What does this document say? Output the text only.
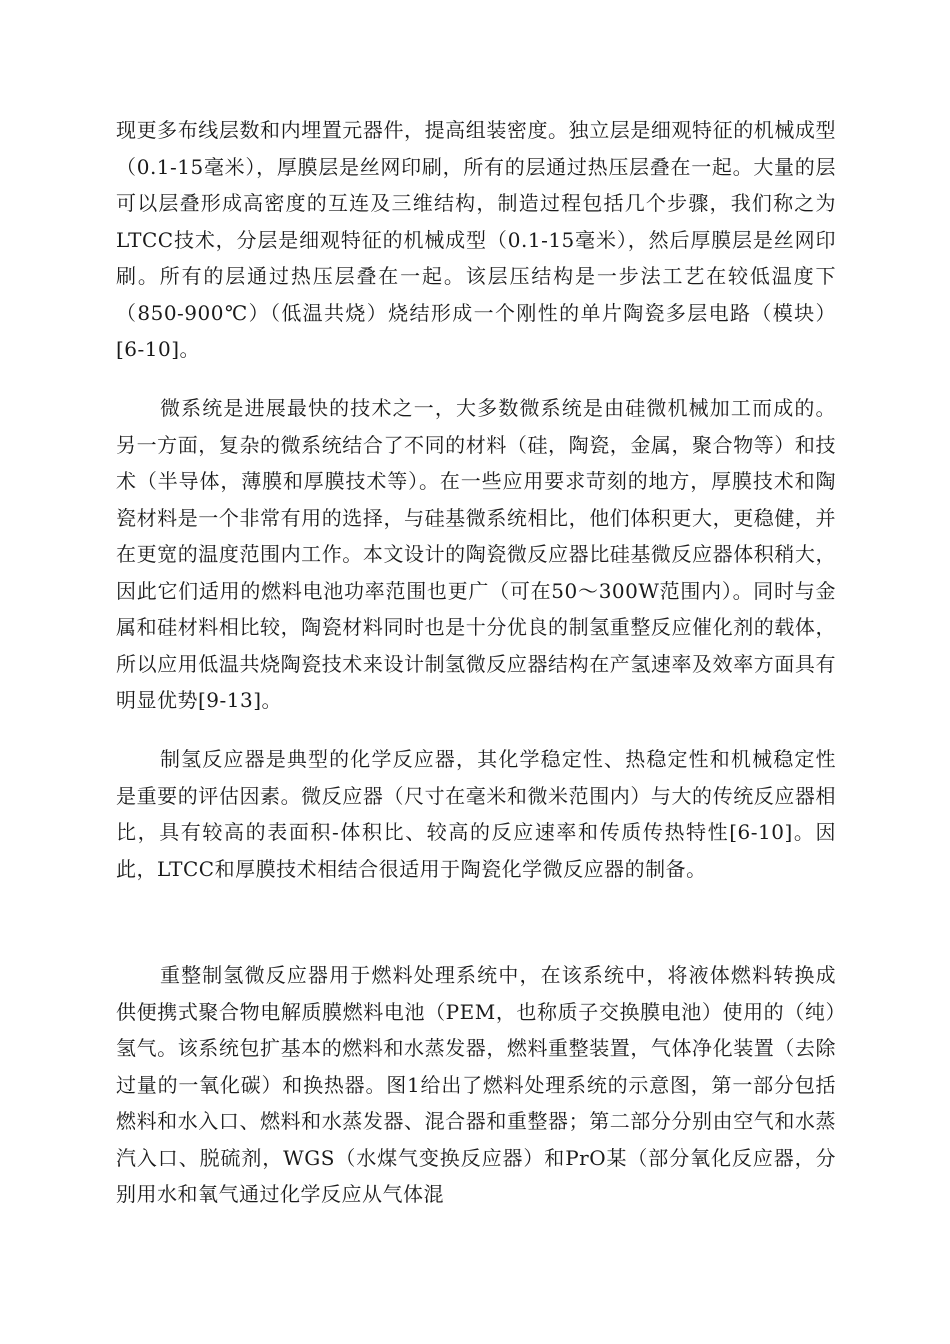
现更多布线层数和内埋置元器件，提高组装密度。独立层是细观特征的机械成型（0.1-15毫米），厚膜层是丝网印刷，所有的层通过热压层叠在一起。大量的层可以层叠形成高密度的互连及三维结构，制造过程包括几个步骤，我们称之为LTCC技术，分层是细观特征的机械成型（0.1-15毫米），然后厚膜层是丝网印刷。所有的层通过热压层叠在一起。该层压结构是一步法工艺在较低温度下（850-900℃）（低温共烧）烧结形成一个刚性的单片陶瓷多层电路（模块）[6-10]。

微系统是进展最快的技术之一，大多数微系统是由硅微机械加工而成的。另一方面，复杂的微系统结合了不同的材料（硅，陶瓷，金属，聚合物等）和技术（半导体，薄膜和厚膜技术等）。在一些应用要求苛刻的地方，厚膜技术和陶瓷材料是一个非常有用的选择，与硅基微系统相比，他们体积更大，更稳健，并在更宽的温度范围内工作。本文设计的陶瓷微反应器比硅基微反应器体积稍大，因此它们适用的燃料电池功率范围也更广（可在50～300W范围内）。同时与金属和硅材料相比较，陶瓷材料同时也是十分优良的制氢重整反应催化剂的载体，所以应用低温共烧陶瓷技术来设计制氢微反应器结构在产氢速率及效率方面具有明显优势[9-13]。

制氢反应器是典型的化学反应器，其化学稳定性、热稳定性和机械稳定性是重要的评估因素。微反应器（尺寸在毫米和微米范围内）与大的传统反应器相比，具有较高的表面积-体积比、较高的反应速率和传质传热特性[6-10]。因此，LTCC和厚膜技术相结合很适用于陶瓷化学微反应器的制备。

重整制氢微反应器用于燃料处理系统中，在该系统中，将液体燃料转换成供便携式聚合物电解质膜燃料电池（PEM，也称质子交换膜电池）使用的（纯）氢气。该系统包扩基本的燃料和水蒸发器，燃料重整装置，气体净化装置（去除过量的一氧化碳）和换热器。图1给出了燃料处理系统的示意图，第一部分包括燃料和水入口、燃料和水蒸发器、混合器和重整器；第二部分分别由空气和水蒸汽入口、脱硫剂，WGS（水煤气变换反应器）和PrO某（部分氧化反应器，分别用水和氧气通过化学反应从气体混
